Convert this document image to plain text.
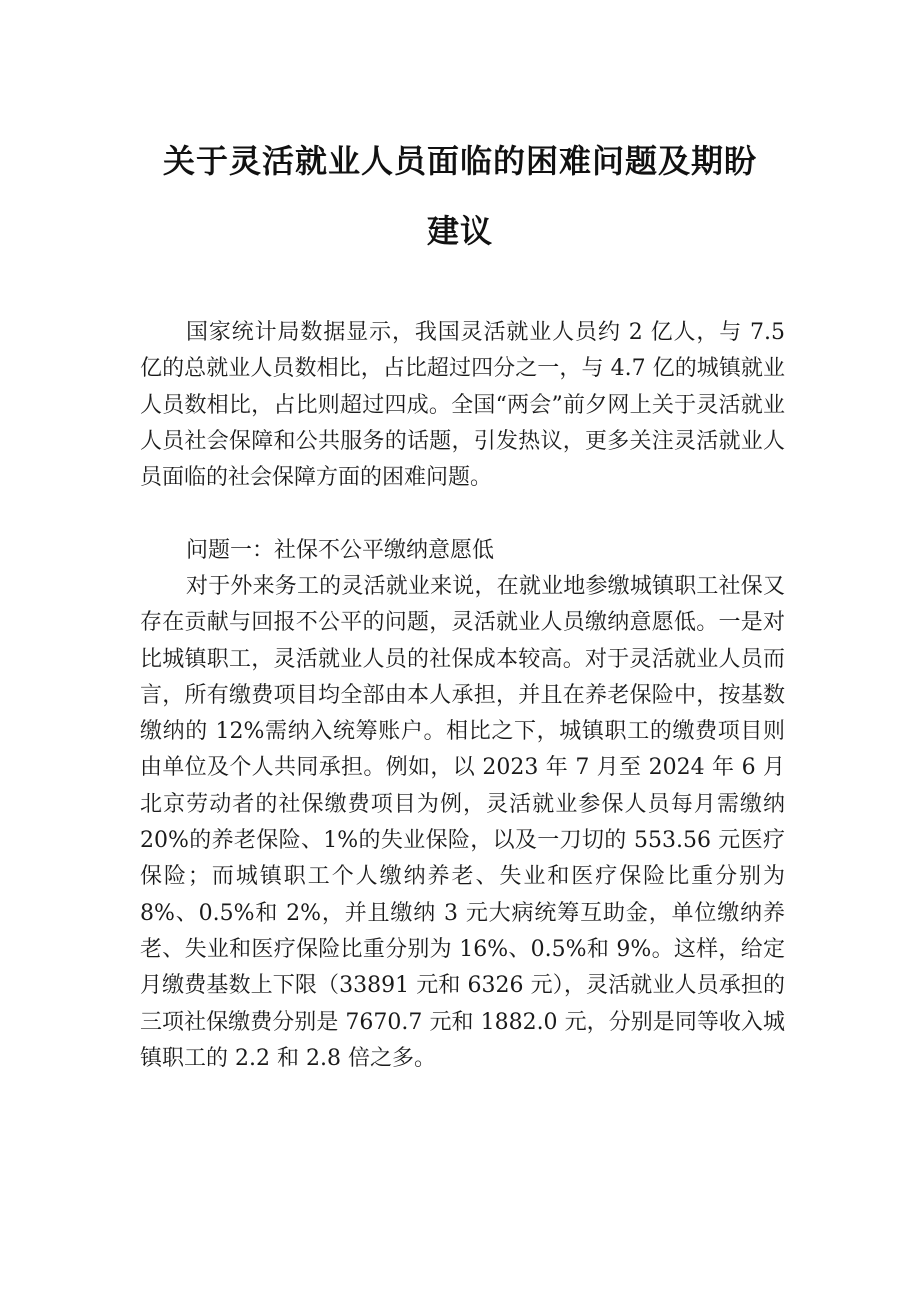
关于灵活就业人员面临的困难问题及期盼
建议

国家统计局数据显示，我国灵活就业人员约 2 亿人，与 7.5 亿的总就业人员数相比，占比超过四分之一，与 4.7 亿的城镇就业人员数相比，占比则超过四成。全国“两会”前夕网上关于灵活就业人员社会保障和公共服务的话题，引发热议，更多关注灵活就业人员面临的社会保障方面的困难问题。

问题一：社保不公平缴纳意愿低

对于外来务工的灵活就业来说，在就业地参缴城镇职工社保又存在贡献与回报不公平的问题，灵活就业人员缴纳意愿低。一是对比城镇职工，灵活就业人员的社保成本较高。对于灵活就业人员而言，所有缴费项目均全部由本人承担，并且在养老保险中，按基数缴纳的 12%需纳入统筹账户。相比之下，城镇职工的缴费项目则由单位及个人共同承担。例如，以 2023 年 7 月至 2024 年 6 月北京劳动者的社保缴费项目为例，灵活就业参保人员每月需缴纳 20%的养老保险、1%的失业保险，以及一刀切的 553.56 元医疗保险；而城镇职工个人缴纳养老、失业和医疗保险比重分别为 8%、0.5%和 2%，并且缴纳 3 元大病统筹互助金，单位缴纳养老、失业和医疗保险比重分别为 16%、0.5%和 9%。这样，给定月缴费基数上下限（33891 元和 6326 元），灵活就业人员承担的三项社保缴费分别是 7670.7 元和 1882.0 元，分别是同等收入城镇职工的 2.2 和 2.8 倍之多。
